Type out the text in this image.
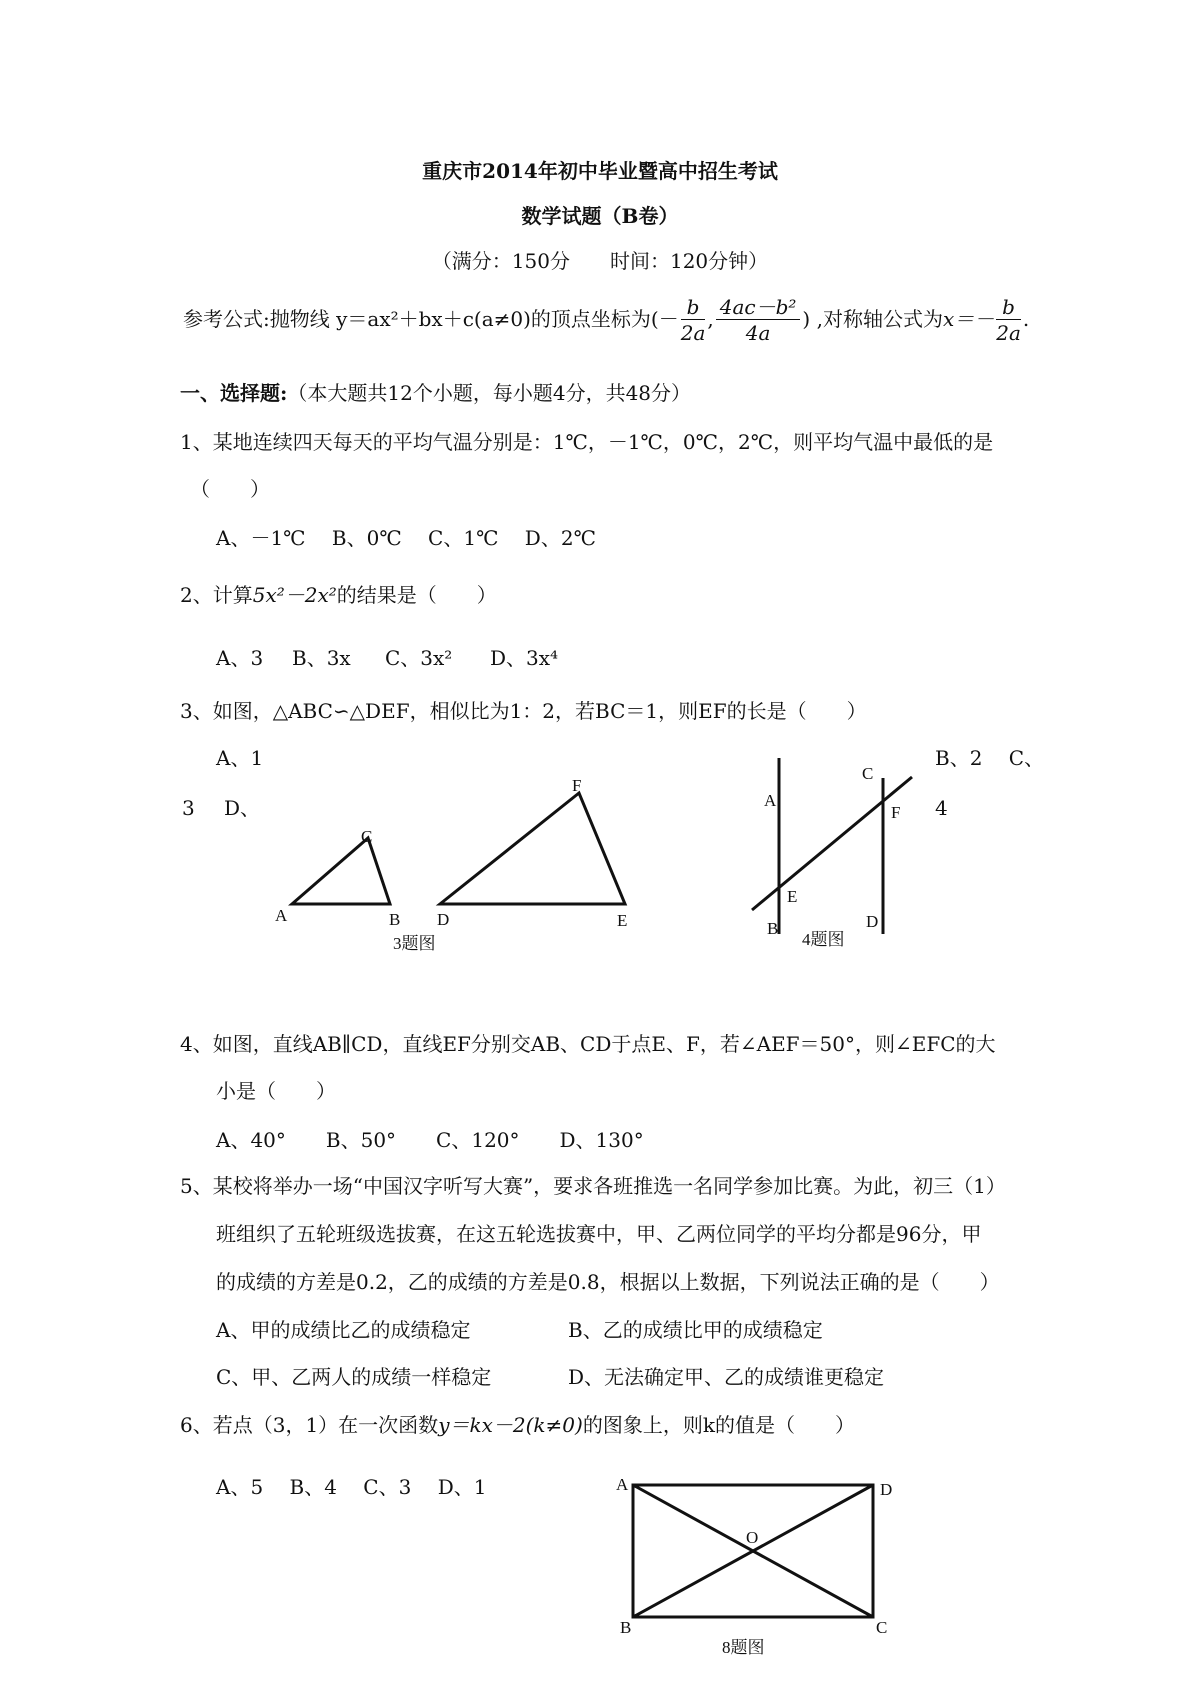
重庆市2014年初中毕业暨高中招生考试
数学试题（B卷）
（满分：150分　　时间：120分钟）
参考公式:抛物线 y＝ax²＋bx＋c(a≠0)的顶点坐标为(－ $\frac{b}{2a}$ , $\frac{\text{4ac－b²}}{4a}$ ) ,对称轴公式为$x=- \frac{b}{2a}$ .
一、选择题:（本大题共12个小题，每小题4分，共48分）
1、某地连续四天每天的平均气温分别是：1℃，－1℃，0℃，2℃，则平均气温中最低的是
（　　）
A、－1℃　 B、0℃　 C、1℃　 D、2℃
2、计算5x²－2x²的结果是（　　）
A、3 B、3x C、3x² D、3x⁴
3、如图，△ABC∽△DEF，相似比为1：2，若BC＝1，则EF的长是（　　）
A、1	B、2　 C、
3 D、	4
A	B
C
D	E
F
3题图
A
B
C
D
E
F
4题图
A
B	C
D
O
8题图
4、如图，直线AB∥CD，直线EF分别交AB、CD于点E、F，若∠AEF＝50°，则∠EFC的大
小是（　　）
A、40°　　B、50°　　C、120°　　D、130°
5、某校将举办一场“中国汉字听写大赛”，要求各班推选一名同学参加比赛。为此，初三（1）
班组织了五轮班级选拔赛，在这五轮选拔赛中，甲、乙两位同学的平均分都是96分，甲
的成绩的方差是0.2，乙的成绩的方差是0.8，根据以上数据，下列说法正确的是（　　）
A、甲的成绩比乙的成绩稳定	B、乙的成绩比甲的成绩稳定
C、甲、乙两人的成绩一样稳定	D、无法确定甲、乙的成绩谁更稳定
6、若点（3，1）在一次函数y＝kx－2(k≠0)的图象上，则k的值是（　　）
A、5　 B、4　 C、3　 D、1
